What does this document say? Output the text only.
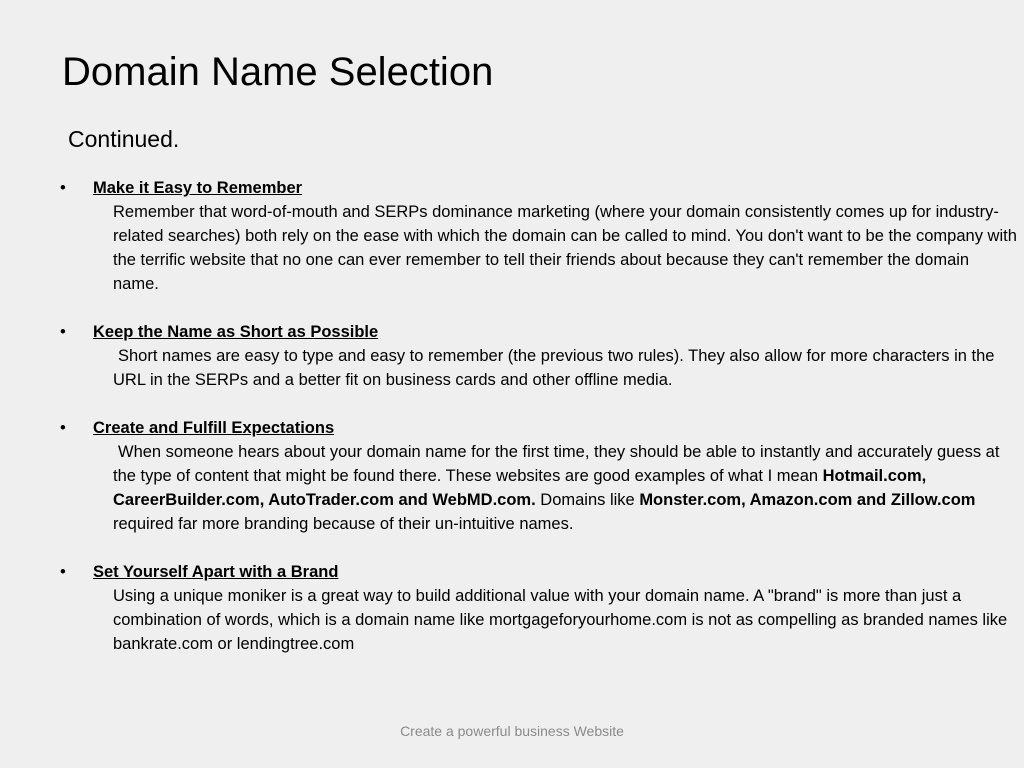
Domain Name Selection
Continued.
• Make it Easy to Remember
Remember that word-of-mouth and SERPs dominance marketing (where your domain consistently comes up for industry-related searches) both rely on the ease with which the domain can be called to mind. You don't want to be the company with the terrific website that no one can ever remember to tell their friends about because they can't remember the domain name.
• Keep the Name as Short as Possible
Short names are easy to type and easy to remember (the previous two rules). They also allow for more characters in the URL in the SERPs and a better fit on business cards and other offline media.
• Create and Fulfill Expectations
When someone hears about your domain name for the first time, they should be able to instantly and accurately guess at the type of content that might be found there. These websites are good examples of what I mean Hotmail.com, CareerBuilder.com, AutoTrader.com and WebMD.com. Domains like Monster.com, Amazon.com and Zillow.com required far more branding because of their un-intuitive names.
• Set Yourself Apart with a Brand
Using a unique moniker is a great way to build additional value with your domain name. A "brand" is more than just a combination of words, which is a domain name like mortgageforyourhome.com is not as compelling as branded names like bankrate.com or lendingtree.com
Create a powerful business Website
